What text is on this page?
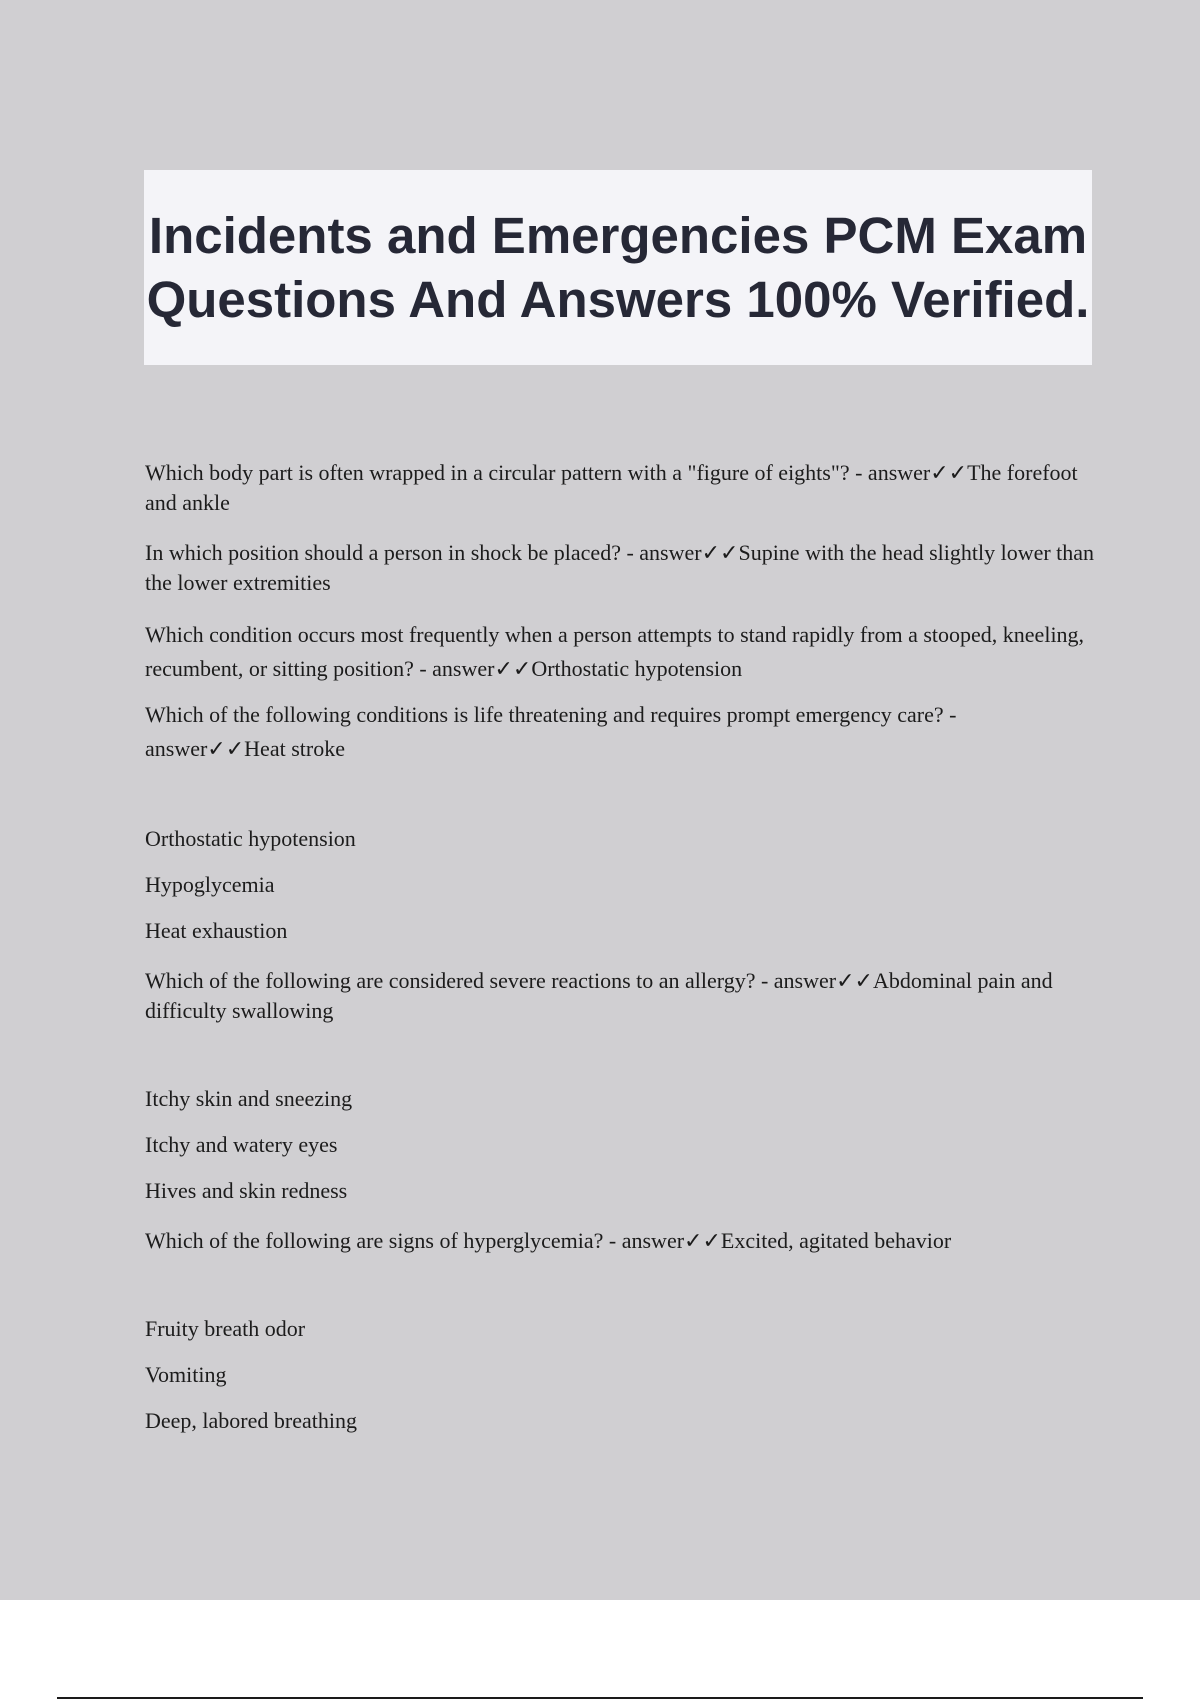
Incidents and Emergencies PCM Exam Questions And Answers 100% Verified.

Which body part is often wrapped in a circular pattern with a "figure of eights"? - answer✓✓The forefoot and ankle

In which position should a person in shock be placed? - answer✓✓Supine with the head slightly lower than the lower extremities

Which condition occurs most frequently when a person attempts to stand rapidly from a stooped, kneeling, recumbent, or sitting position? - answer✓✓Orthostatic hypotension

Which of the following conditions is life threatening and requires prompt emergency care? - answer✓✓Heat stroke

Orthostatic hypotension

Hypoglycemia

Heat exhaustion

Which of the following are considered severe reactions to an allergy? - answer✓✓Abdominal pain and difficulty swallowing

Itchy skin and sneezing

Itchy and watery eyes

Hives and skin redness

Which of the following are signs of hyperglycemia? - answer✓✓Excited, agitated behavior

Fruity breath odor

Vomiting

Deep, labored breathing
